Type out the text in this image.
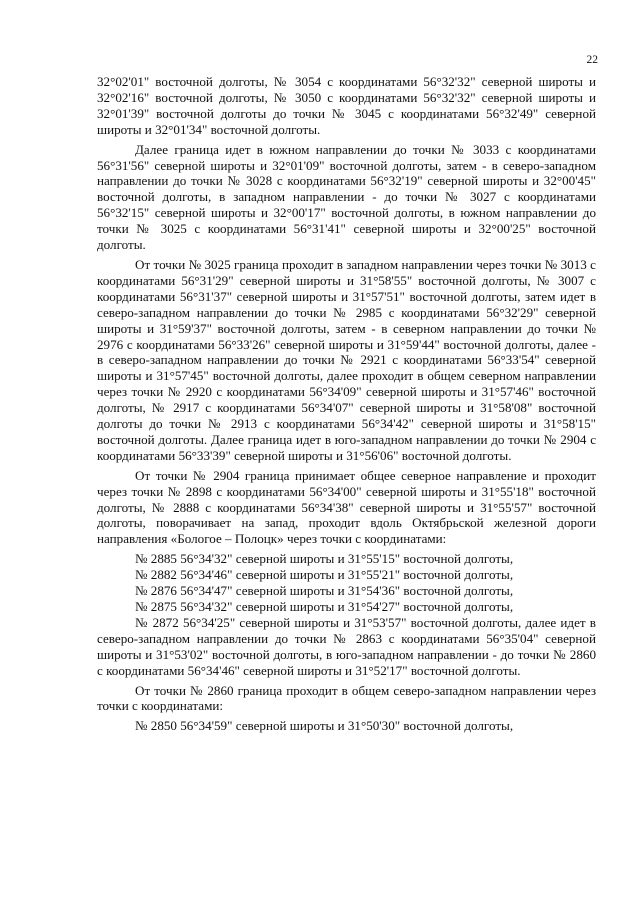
22

32°02'01" восточной долготы, № 3054 с координатами 56°32'32" северной широты и 32°02'16" восточной долготы, № 3050 с координатами 56°32'32" северной широты и 32°01'39" восточной долготы до точки № 3045 с координатами 56°32'49" северной широты и 32°01'34" восточной долготы.

Далее граница идет в южном направлении до точки № 3033 с координатами 56°31'56" северной широты и 32°01'09" восточной долготы, затем - в северо-западном направлении до точки № 3028 с координатами 56°32'19" северной широты и 32°00'45" восточной долготы, в западном направлении - до точки № 3027 с координатами 56°32'15" северной широты и 32°00'17" восточной долготы, в южном направлении до точки № 3025 с координатами 56°31'41" северной широты и 32°00'25" восточной долготы.

От точки № 3025 граница проходит в западном направлении через точки № 3013 с координатами 56°31'29" северной широты и 31°58'55" восточной долготы, № 3007 с координатами 56°31'37" северной широты и 31°57'51" восточной долготы, затем идет в северо-западном направлении до точки № 2985 с координатами 56°32'29" северной широты и 31°59'37" восточной долготы, затем - в северном направлении до точки № 2976 с координатами 56°33'26" северной широты и 31°59'44" восточной долготы, далее - в северо-западном направлении до точки № 2921 с координатами 56°33'54" северной широты и 31°57'45" восточной долготы, далее проходит в общем северном направлении через точки № 2920 с координатами 56°34'09" северной широты и 31°57'46" восточной долготы, № 2917 с координатами 56°34'07" северной широты и 31°58'08" восточной долготы до точки № 2913 с координатами 56°34'42" северной широты и 31°58'15" восточной долготы. Далее граница идет в юго-западном направлении до точки № 2904 с координатами 56°33'39" северной широты и 31°56'06" восточной долготы.

От точки № 2904 граница принимает общее северное направление и проходит через точки № 2898 с координатами 56°34'00" северной широты и 31°55'18" восточной долготы, № 2888 с координатами 56°34'38" северной широты и 31°55'57" восточной долготы, поворачивает на запад, проходит вдоль Октябрьской железной дороги направления «Бологое – Полоцк» через точки с координатами:

№ 2885 56°34'32" северной широты и 31°55'15" восточной долготы,
№ 2882 56°34'46" северной широты и 31°55'21" восточной долготы,
№ 2876 56°34'47" северной широты и 31°54'36" восточной долготы,
№ 2875 56°34'32" северной широты и 31°54'27" восточной долготы,

№ 2872 56°34'25" северной широты и 31°53'57" восточной долготы, далее идет в северо-западном направлении до точки № 2863 с координатами 56°35'04" северной широты и 31°53'02" восточной долготы, в юго-западном направлении - до точки № 2860 с координатами 56°34'46" северной широты и 31°52'17" восточной долготы.

От точки № 2860 граница проходит в общем северо-западном направлении через точки с координатами:

№ 2850 56°34'59" северной широты и 31°50'30" восточной долготы,
